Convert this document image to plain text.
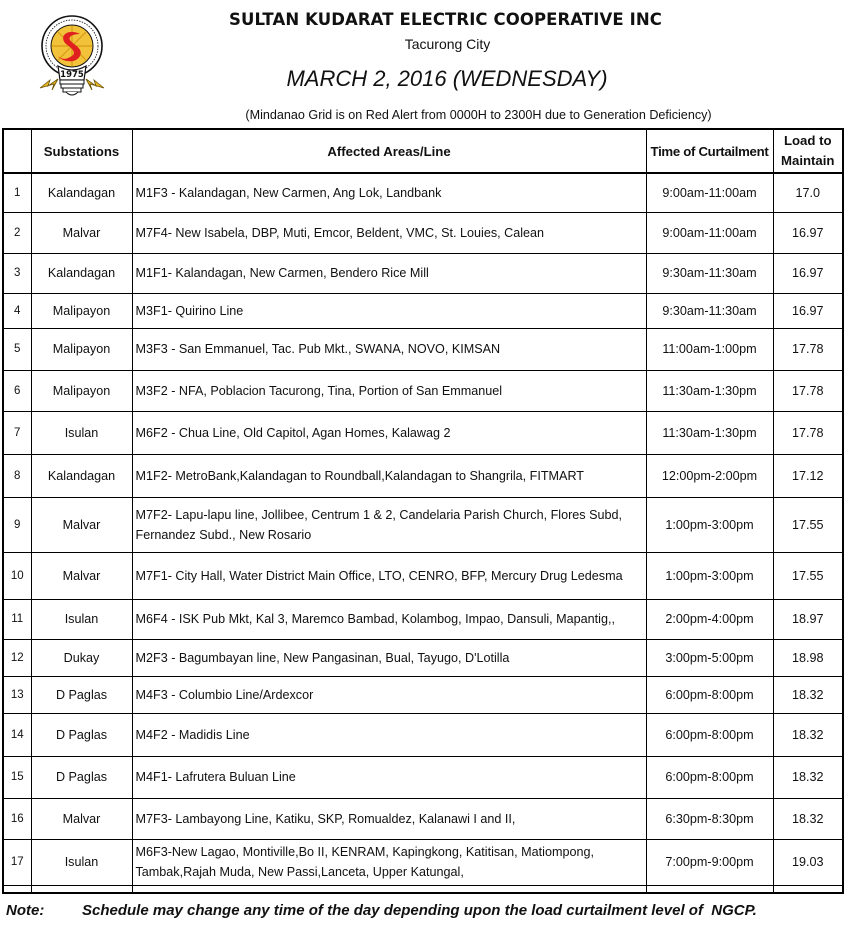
1975
SULTAN KUDARAT ELECTRIC COOPERATIVE INC
Tacurong City
MARCH 2, 2016 (WEDNESDAY)
(Mindanao Grid is on Red Alert from 0000H to 2300H due to Generation Deficiency)
	Substations	Affected Areas/Line	Time of Curtailment	Load to
Maintain
1	Kalandagan	M1F3 - Kalandagan, New Carmen, Ang Lok, Landbank	9:00am-11:00am	17.0
2	Malvar	M7F4- New Isabela, DBP, Muti, Emcor, Beldent, VMC, St. Louies, Calean	9:00am-11:00am	16.97
3	Kalandagan	M1F1- Kalandagan, New Carmen, Bendero Rice Mill	9:30am-11:30am	16.97
4	Malipayon	M3F1- Quirino Line	9:30am-11:30am	16.97
5	Malipayon	M3F3 - San Emmanuel, Tac. Pub Mkt., SWANA, NOVO, KIMSAN	11:00am-1:00pm	17.78
6	Malipayon	M3F2 - NFA, Poblacion Tacurong, Tina, Portion of San Emmanuel	11:30am-1:30pm	17.78
7	Isulan	M6F2 - Chua Line, Old Capitol, Agan Homes, Kalawag 2	11:30am-1:30pm	17.78
8	Kalandagan	M1F2- MetroBank,Kalandagan to Roundball,Kalandagan to Shangrila, FITMART	12:00pm-2:00pm	17.12
9	Malvar	M7F2- Lapu-lapu line, Jollibee, Centrum 1 & 2, Candelaria Parish Church, Flores Subd, Fernandez Subd., New Rosario	1:00pm-3:00pm	17.55
10	Malvar	M7F1- City Hall, Water District Main Office, LTO, CENRO, BFP, Mercury Drug Ledesma	1:00pm-3:00pm	17.55
11	Isulan	M6F4 - ISK Pub Mkt, Kal 3, Maremco Bambad, Kolambog, Impao, Dansuli, Mapantig,,	2:00pm-4:00pm	18.97
12	Dukay	M2F3 - Bagumbayan line, New Pangasinan, Bual, Tayugo, D'Lotilla	3:00pm-5:00pm	18.98
13	D Paglas	M4F3 - Columbio Line/Ardexcor	6:00pm-8:00pm	18.32
14	D Paglas	M4F2 - Madidis Line	6:00pm-8:00pm	18.32
15	D Paglas	M4F1- Lafrutera Buluan Line	6:00pm-8:00pm	18.32
16	Malvar	M7F3- Lambayong Line, Katiku, SKP, Romualdez, Kalanawi I and II,	6:30pm-8:30pm	18.32
17	Isulan	M6F3-New Lagao, Montiville,Bo II, KENRAM, Kapingkong, Katitisan, Matiompong, Tambak,Rajah Muda, New Passi,Lanceta, Upper Katungal,	7:00pm-9:00pm	19.03

Note:	Schedule may change any time of the day depending upon the load curtailment level of  NGCP.
